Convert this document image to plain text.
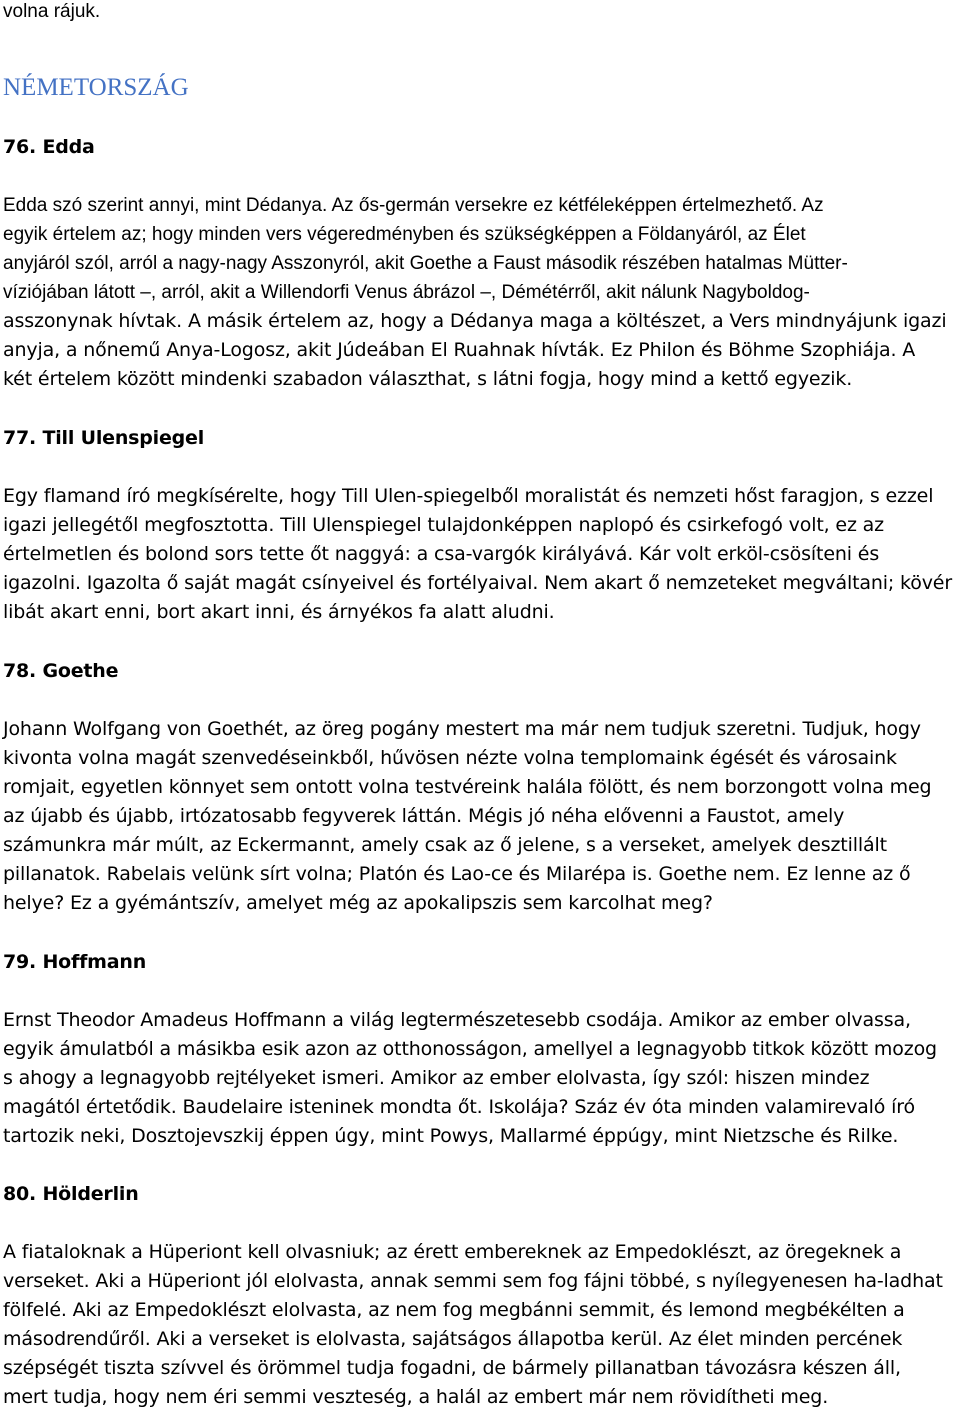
volna rájuk.
NÉMETORSZÁG
76. Edda
Edda szó szerint annyi, mint Dédanya. Az ős-germán versekre ez kétféleképpen értelmezhető. Az
egyik értelem az; hogy minden vers végeredményben és szükségképpen a Földanyáról, az Élet
anyjáról szól, arról a nagy-nagy Asszonyról, akit Goethe a Faust második részében hatalmas Mütter-
víziójában látott –, arról, akit a Willendorfi Venus ábrázol –, Démétérről, akit nálunk Nagyboldog-
asszonynak hívtak. A másik értelem az, hogy a Dédanya maga a költészet, a Vers mindnyájunk igazi
anyja, a nőnemű Anya-Logosz, akit Júdeában El Ruahnak hívták. Ez Philon és Böhme Szophiája. A
két értelem között mindenki szabadon választhat, s látni fogja, hogy mind a kettő egyezik.
77. Till Ulenspiegel
Egy flamand író megkísérelte, hogy Till Ulen-spiegelből moralistát és nemzeti hőst faragjon, s ezzel
igazi jellegétől megfosztotta. Till Ulenspiegel tulajdonképpen naplopó és csirkefogó volt, ez az
értelmetlen és bolond sors tette őt naggyá: a csa-vargók királyává. Kár volt erköl-csösíteni és
igazolni. Igazolta ő saját magát csínyeivel és fortélyaival. Nem akart ő nemzeteket megváltani; kövér
libát akart enni, bort akart inni, és árnyékos fa alatt aludni.
78. Goethe
Johann Wolfgang von Goethét, az öreg pogány mestert ma már nem tudjuk szeretni. Tudjuk, hogy
kivonta volna magát szenvedéseinkből, hűvösen nézte volna templomaink égését és városaink
romjait, egyetlen könnyet sem ontott volna testvéreink halála fölött, és nem borzongott volna meg
az újabb és újabb, irtózatosabb fegyverek láttán. Mégis jó néha elővenni a Faustot, amely
számunkra már múlt, az Eckermannt, amely csak az ő jelene, s a verseket, amelyek desztillált
pillanatok. Rabelais velünk sírt volna; Platón és Lao-ce és Milarépa is. Goethe nem. Ez lenne az ő
helye? Ez a gyémántszív, amelyet még az apokalipszis sem karcolhat meg?
79. Hoffmann
Ernst Theodor Amadeus Hoffmann a világ legtermészetesebb csodája. Amikor az ember olvassa,
egyik ámulatból a másikba esik azon az otthonosságon, amellyel a legnagyobb titkok között mozog
s ahogy a legnagyobb rejtélyeket ismeri. Amikor az ember elolvasta, így szól: hiszen mindez
magától értetődik. Baudelaire isteninek mondta őt. Iskolája? Száz év óta minden valamirevaló író
tartozik neki, Dosztojevszkij éppen úgy, mint Powys, Mallarmé éppúgy, mint Nietzsche és Rilke.
80. Hölderlin
A fiataloknak a Hüperiont kell olvasniuk; az érett embereknek az Empedoklészt, az öregeknek a
verseket. Aki a Hüperiont jól elolvasta, annak semmi sem fog fájni többé, s nyílegyenesen ha-ladhat
fölfelé. Aki az Empedoklészt elolvasta, az nem fog megbánni semmit, és lemond megbékélten a
másodrendűről. Aki a verseket is elolvasta, sajátságos állapotba kerül. Az élet minden percének
szépségét tiszta szívvel és örömmel tudja fogadni, de bármely pillanatban távozásra készen áll,
mert tudja, hogy nem éri semmi veszteség, a halál az embert már nem rövidítheti meg.
